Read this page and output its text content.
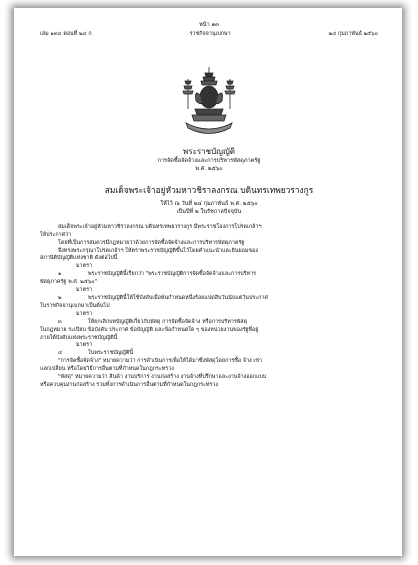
หน้า ๑๓
เล่ม ๑๓๔ ตอนที่ ๒๔ ก	ราชกิจจานุเบกษา	๒๔ กุมภาพันธ์ ๒๕๖๐
พระราชบัญญัติ
การจัดซื้อจัดจ้างและการบริหารพัสดุภาครัฐ
พ.ศ. ๒๕๖๐
สมเด็จพระเจ้าอยู่หัวมหาวชิราลงกรณ บดินทรเทพยวรางกูร
ให้ไว้ ณ วันที่ ๒๔ กุมภาพันธ์ พ.ศ. ๒๕๖๐
เป็นปีที่ ๒ ในรัชกาลปัจจุบัน

สมเด็จพระเจ้าอยู่หัวมหาวชิราลงกรณ บดินทรเทพยวรางกูร มีพระราชโองการโปรดเกล้าฯ

ให้ประกาศว่า

โดยที่เป็นการสมควรมีกฎหมายว่าด้วยการจัดซื้อจัดจ้างและการบริหารพัสดุภาครัฐ

จึงทรงพระกรุณาโปรดเกล้าฯ ให้ตราพระราชบัญญัติขึ้นไว้โดยคำแนะนำและยินยอมของ

สภานิติบัญญัติแห่งชาติ ดังต่อไปนี้

มาตรา ๑	พระราชบัญญัตินี้เรียกว่า "พระราชบัญญัติการจัดซื้อจัดจ้างและการบริหาร

พัสดุภาครัฐ พ.ศ. ๒๕๖๐"

มาตรา ๒	พระราชบัญญัตินี้ให้ใช้บังคับเมื่อพ้นกำหนดหนึ่งร้อยแปดสิบวันนับแต่วันประกาศ

ในราชกิจจานุเบกษาเป็นต้นไป

มาตรา ๓	ให้ยกเลิกบทบัญญัติเกี่ยวกับพัสดุ การจัดซื้อจัดจ้าง หรือการบริหารพัสดุ

ในกฎหมาย ระเบียบ ข้อบังคับ ประกาศ ข้อบัญญัติ และข้อกำหนดใด ๆ ของหน่วยงานของรัฐที่อยู่

ภายใต้บังคับแห่งพระราชบัญญัตินี้

มาตรา ๔	ในพระราชบัญญัตินี้

"การจัดซื้อจัดจ้าง" หมายความว่า การดำเนินการเพื่อให้ได้มาซึ่งพัสดุโดยการซื้อ จ้าง เช่า

แลกเปลี่ยน หรือโดยวิธีการอื่นตามที่กำหนดในกฎกระทรวง

"พัสดุ" หมายความว่า สินค้า งานบริการ งานก่อสร้าง งานจ้างที่ปรึกษาและงานจ้างออกแบบ

หรือควบคุมงานก่อสร้าง รวมทั้งการดำเนินการอื่นตามที่กำหนดในกฎกระทรวง
